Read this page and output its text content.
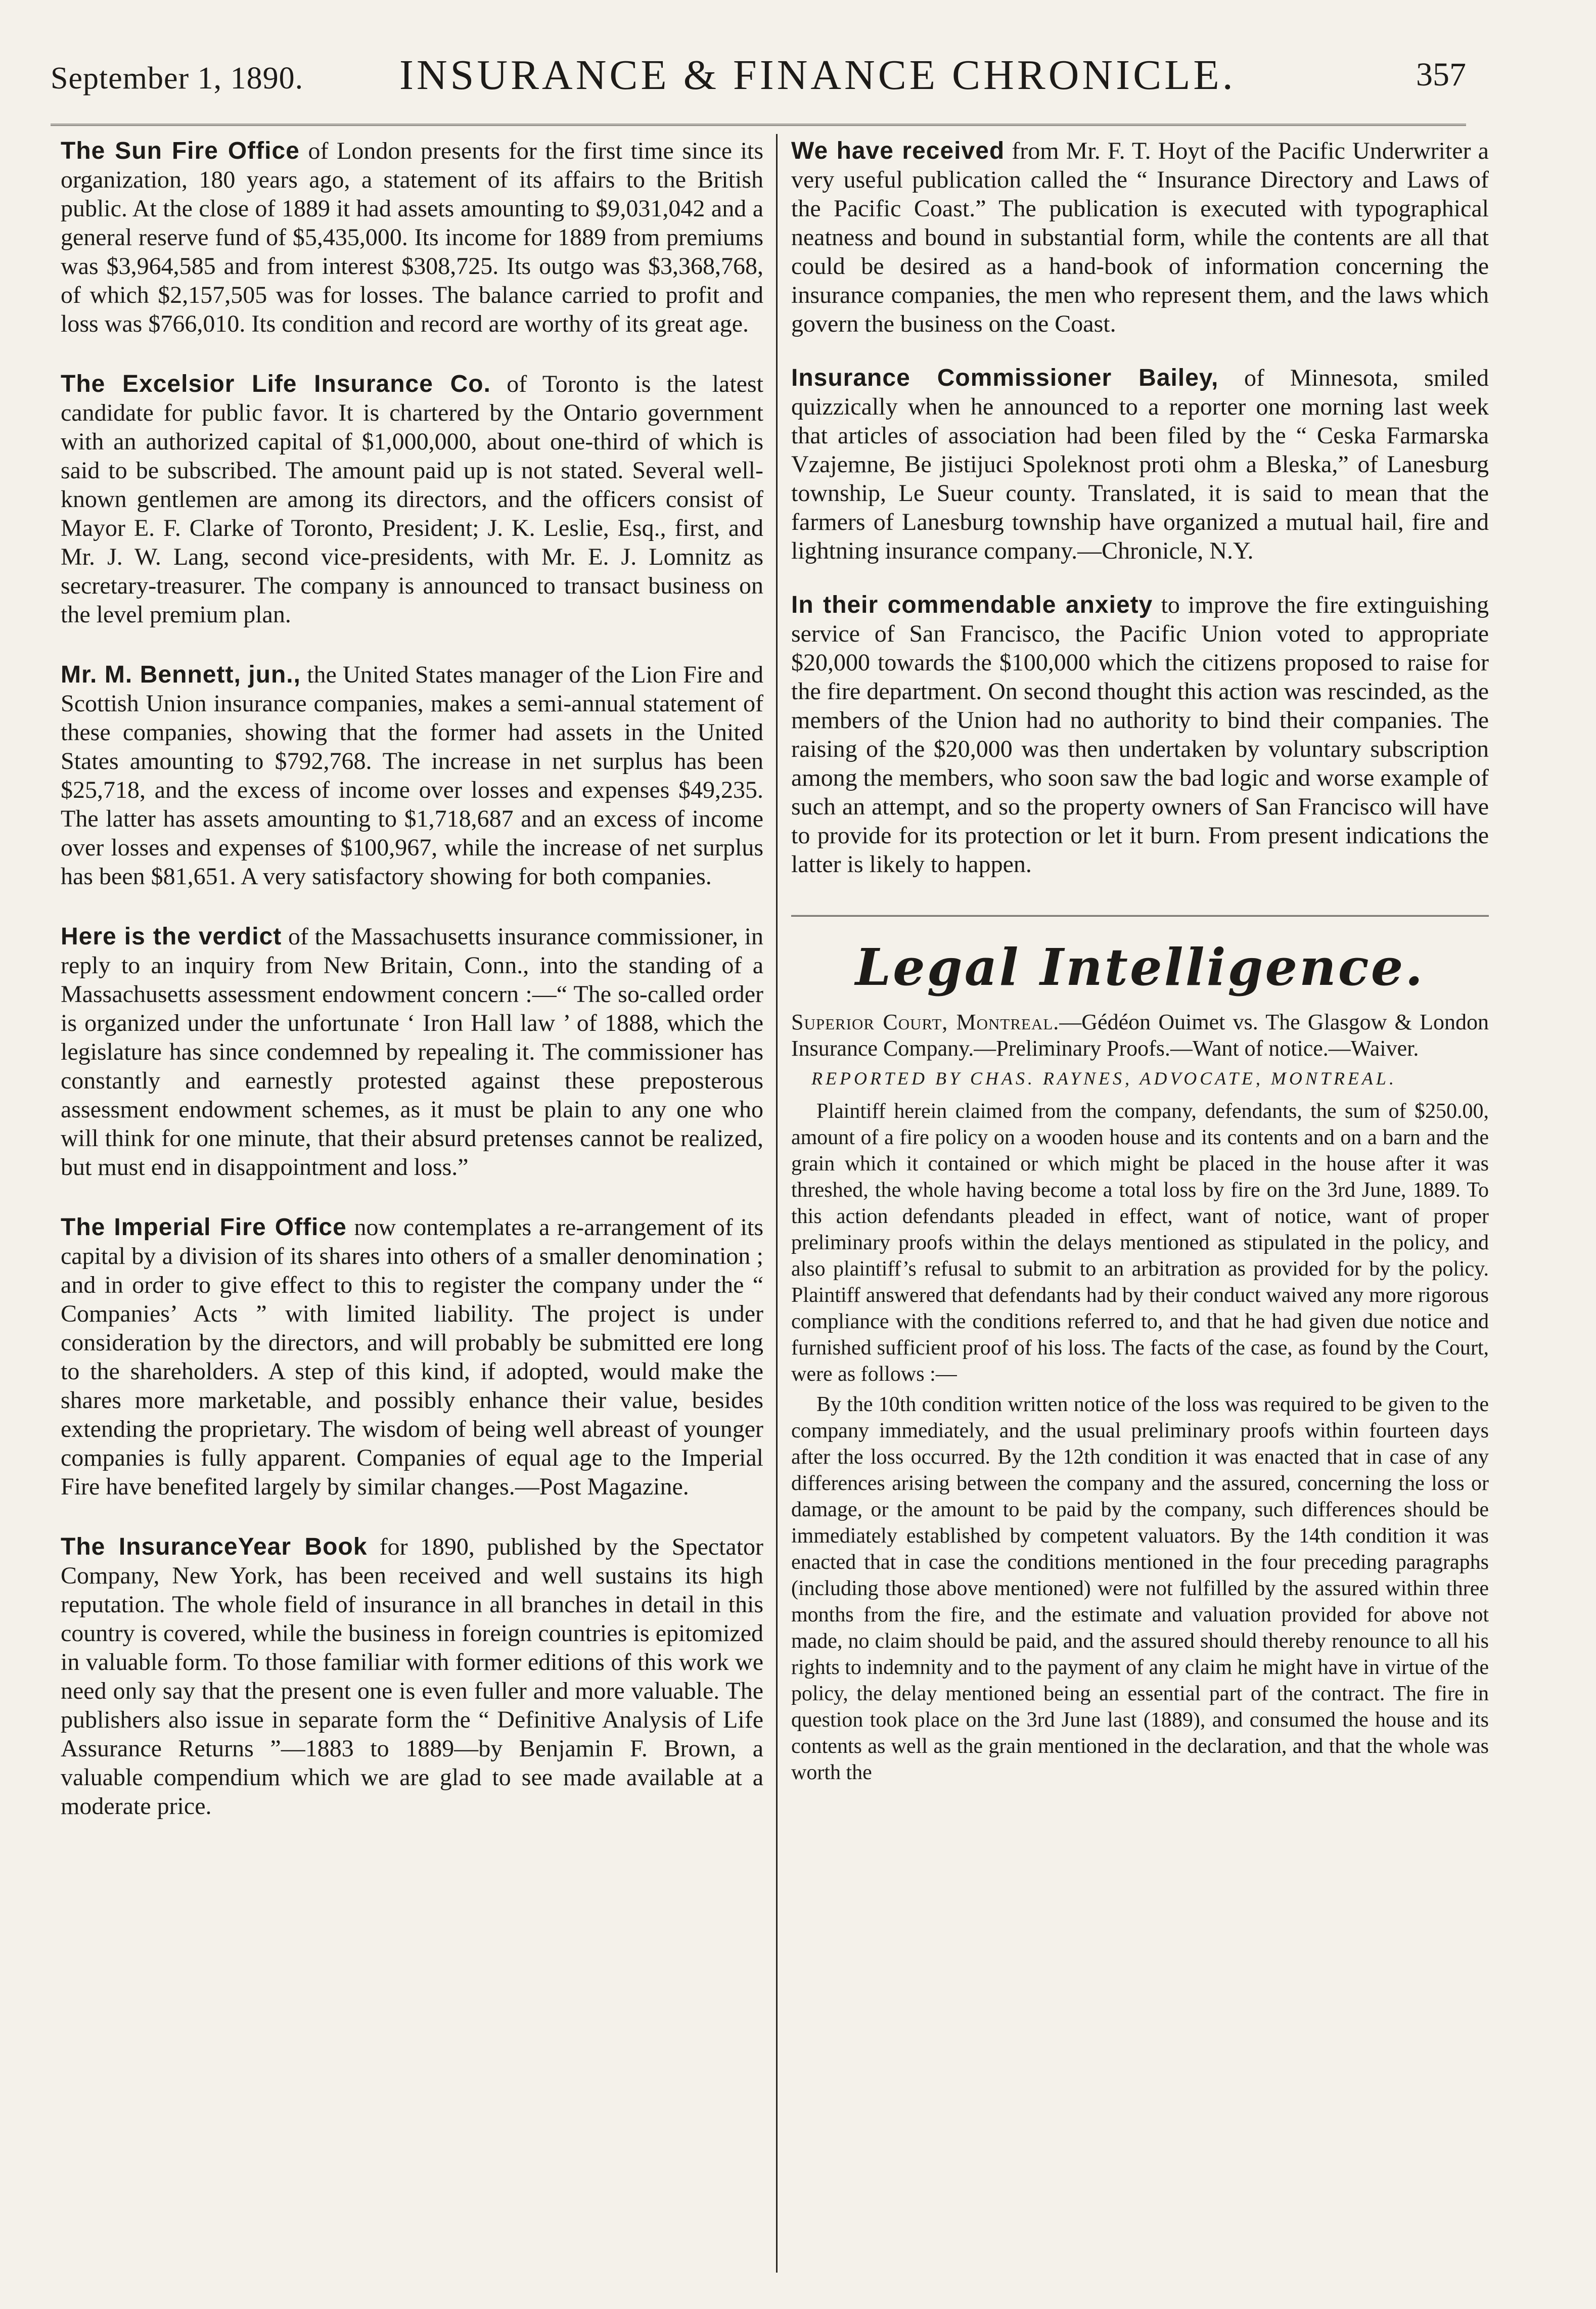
September 1, 1890. INSURANCE & FINANCE CHRONICLE.	357

The Sun Fire Office of London presents for the first time since its organization, 180 years ago, a statement of its affairs to the British public. At the close of 1889 it had assets amounting to $9,031,042 and a general reserve fund of $5,435,000. Its income for 1889 from premiums was $3,964,585 and from interest $308,725. Its outgo was $3,368,768, of which $2,157,505 was for losses. The balance carried to profit and loss was $766,010. Its condition and record are worthy of its great age.

The Excelsior Life Insurance Co. of Toronto is the latest candidate for public favor. It is chartered by the Ontario government with an authorized capital of $1,000,000, about one-third of which is said to be subscribed. The amount paid up is not stated. Several well-known gentlemen are among its directors, and the officers consist of Mayor E. F. Clarke of Toronto, President; J. K. Leslie, Esq., first, and Mr. J. W. Lang, second vice-presidents, with Mr. E. J. Lomnitz as secretary-treasurer. The company is announced to transact business on the level premium plan.

Mr. M. Bennett, jun., the United States manager of the Lion Fire and Scottish Union insurance companies, makes a semi-annual statement of these companies, showing that the former had assets in the United States amounting to $792,768. The increase in net surplus has been $25,718, and the excess of income over losses and expenses $49,235. The latter has assets amounting to $1,718,687 and an excess of income over losses and expenses of $100,967, while the increase of net surplus has been $81,651. A very satisfactory showing for both companies.

Here is the verdict of the Massachusetts insurance commissioner, in reply to an inquiry from New Britain, Conn., into the standing of a Massachusetts assessment endowment concern :—“ The so-called order is organized under the unfortunate ‘ Iron Hall law ’ of 1888, which the legislature has since condemned by repealing it. The commissioner has constantly and earnestly protested against these preposterous assessment endowment schemes, as it must be plain to any one who will think for one minute, that their absurd pretenses cannot be realized, but must end in disappointment and loss.”

The Imperial Fire Office now contemplates a re-arrangement of its capital by a division of its shares into others of a smaller denomination ; and in order to give effect to this to register the company under the “ Companies’ Acts ” with limited liability. The project is under consideration by the directors, and will probably be submitted ere long to the shareholders. A step of this kind, if adopted, would make the shares more marketable, and possibly enhance their value, besides extending the proprietary. The wisdom of being well abreast of younger companies is fully apparent. Companies of equal age to the Imperial Fire have benefited largely by similar changes.—Post Magazine.

The InsuranceYear Book for 1890, published by the Spectator Company, New York, has been received and well sustains its high reputation. The whole field of insurance in all branches in detail in this country is covered, while the business in foreign countries is epitomized in valuable form. To those familiar with former editions of this work we need only say that the present one is even fuller and more valuable. The publishers also issue in separate form the “ Definitive Analysis of Life Assurance Returns ”—1883 to 1889—by Benjamin F. Brown, a valuable compendium which we are glad to see made available at a moderate price.

We have received from Mr. F. T. Hoyt of the Pacific Underwriter a very useful publication called the “ Insurance Directory and Laws of the Pacific Coast.” The publication is executed with typographical neatness and bound in substantial form, while the contents are all that could be desired as a hand-book of information concerning the insurance companies, the men who represent them, and the laws which govern the business on the Coast.

Insurance Commissioner Bailey, of Minnesota, smiled quizzically when he announced to a reporter one morning last week that articles of association had been filed by the “ Ceska Farmarska Vzajemne, Be jistijuci Spoleknost proti ohm a Bleska,” of Lanesburg township, Le Sueur county. Translated, it is said to mean that the farmers of Lanesburg township have organized a mutual hail, fire and lightning insurance company.—Chronicle, N.Y.

In their commendable anxiety to improve the fire extinguishing service of San Francisco, the Pacific Union voted to appropriate $20,000 towards the $100,000 which the citizens proposed to raise for the fire department. On second thought this action was rescinded, as the members of the Union had no authority to bind their companies. The raising of the $20,000 was then undertaken by voluntary subscription among the members, who soon saw the bad logic and worse example of such an attempt, and so the property owners of San Francisco will have to provide for its protection or let it burn. From present indications the latter is likely to happen.

Legal Intelligence.

Superior Court, Montreal.—Gédéon Ouimet vs. The Glasgow & London Insurance Company.—Preliminary Proofs.—Want of notice.—Waiver.

REPORTED BY CHAS. RAYNES, ADVOCATE, MONTREAL.

Plaintiff herein claimed from the company, defendants, the sum of $250.00, amount of a fire policy on a wooden house and its contents and on a barn and the grain which it contained or which might be placed in the house after it was threshed, the whole having become a total loss by fire on the 3rd June, 1889. To this action defendants pleaded in effect, want of notice, want of proper preliminary proofs within the delays mentioned as stipulated in the policy, and also plaintiff’s refusal to submit to an arbitration as provided for by the policy. Plaintiff answered that defendants had by their conduct waived any more rigorous compliance with the conditions referred to, and that he had given due notice and furnished sufficient proof of his loss. The facts of the case, as found by the Court, were as follows :—

By the 10th condition written notice of the loss was required to be given to the company immediately, and the usual preliminary proofs within fourteen days after the loss occurred. By the 12th condition it was enacted that in case of any differences arising between the company and the assured, concerning the loss or damage, or the amount to be paid by the company, such differences should be immediately established by competent valuators. By the 14th condition it was enacted that in case the conditions mentioned in the four preceding paragraphs (including those above mentioned) were not fulfilled by the assured within three months from the fire, and the estimate and valuation provided for above not made, no claim should be paid, and the assured should thereby renounce to all his rights to indemnity and to the payment of any claim he might have in virtue of the policy, the delay mentioned being an essential part of the contract. The fire in question took place on the 3rd June last (1889), and consumed the house and its contents as well as the grain mentioned in the declaration, and that the whole was worth the
